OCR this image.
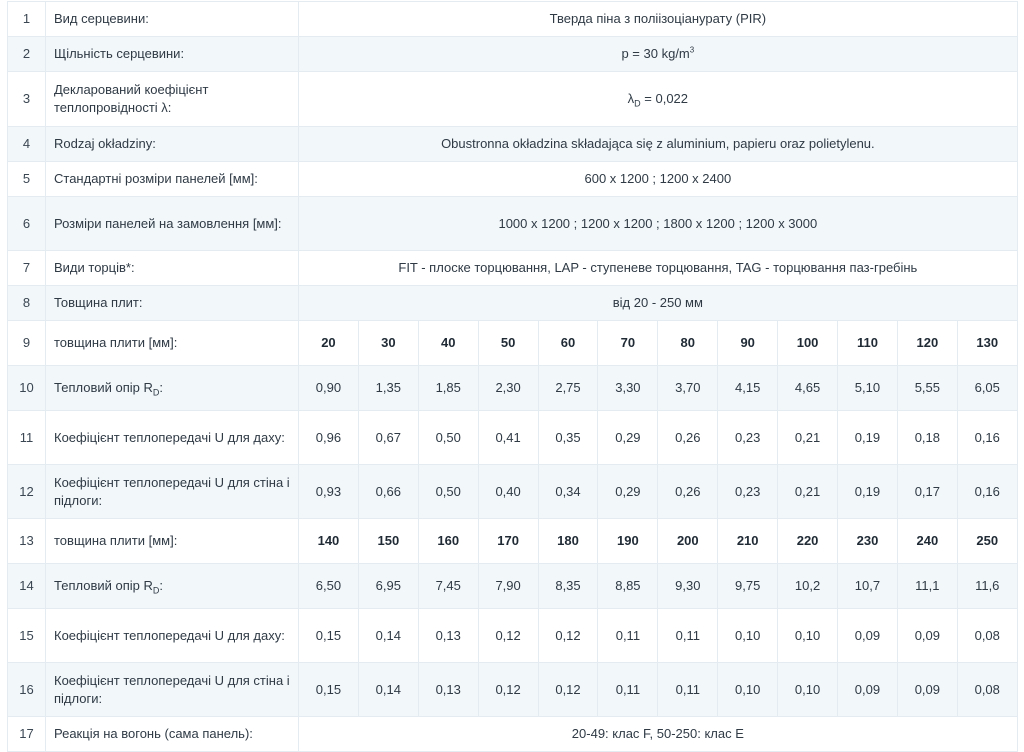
1	Вид серцевини:	Тверда піна з поліізоціанурату (PIR)											
2	Щільність серцевини:	p = 30 $kg/m^3$
3	Декларований коефіцієнт теплопровідності λ:	$\lambda_D = 0,022$											
4	Rodzaj okładziny:	Obustronna okładzina składająca się z aluminium, papieru oraz polietylenu.											
5	Стандартні розміри панелей [мм]:	600 x 1200 ; 1200 x 2400											
6	Розміри панелей на замовлення [мм]:	1000 x 1200 ; 1200 x 1200 ; 1800 x 1200 ; 1200 x 3000											
7	Види торців*:	FIT - плоске торцювання, LAP - ступеневе торцювання, TAG - торцювання паз-гребінь											
8	Товщина плит:	від 20 - 250 мм											
9	товщина плити [мм]:	20	30	40	50	60	70	80	90	100	110	120	130
10	Тепловий опір $R_D$:	0,90	1,35	1,85	2,30	2,75	3,30	3,70	4,15	4,65	5,10	5,55	6,05
11	Коефіцієнт теплопередачі U для даху:	0,96	0,67	0,50	0,41	0,35	0,29	0,26	0,23	0,21	0,19	0,18	0,16
12	Коефіцієнт теплопередачі U для стіна і підлоги:	0,93	0,66	0,50	0,40	0,34	0,29	0,26	0,23	0,21	0,19	0,17	0,16
13	товщина плити [мм]:	140	150	160	170	180	190	200	210	220	230	240	250
14	Тепловий опір $R_D$:	6,50	6,95	7,45	7,90	8,35	8,85	9,30	9,75	10,2	10,7	11,1	11,6
15	Коефіцієнт теплопередачі U для даху:	0,15	0,14	0,13	0,12	0,12	0,11	0,11	0,10	0,10	0,09	0,09	0,08
16	Коефіцієнт теплопередачі U для стіна і підлоги:	0,15	0,14	0,13	0,12	0,12	0,11	0,11	0,10	0,10	0,09	0,09	0,08
17	Реакція на вогонь (сама панель):	20-49: клас F, 50-250: клас E											
